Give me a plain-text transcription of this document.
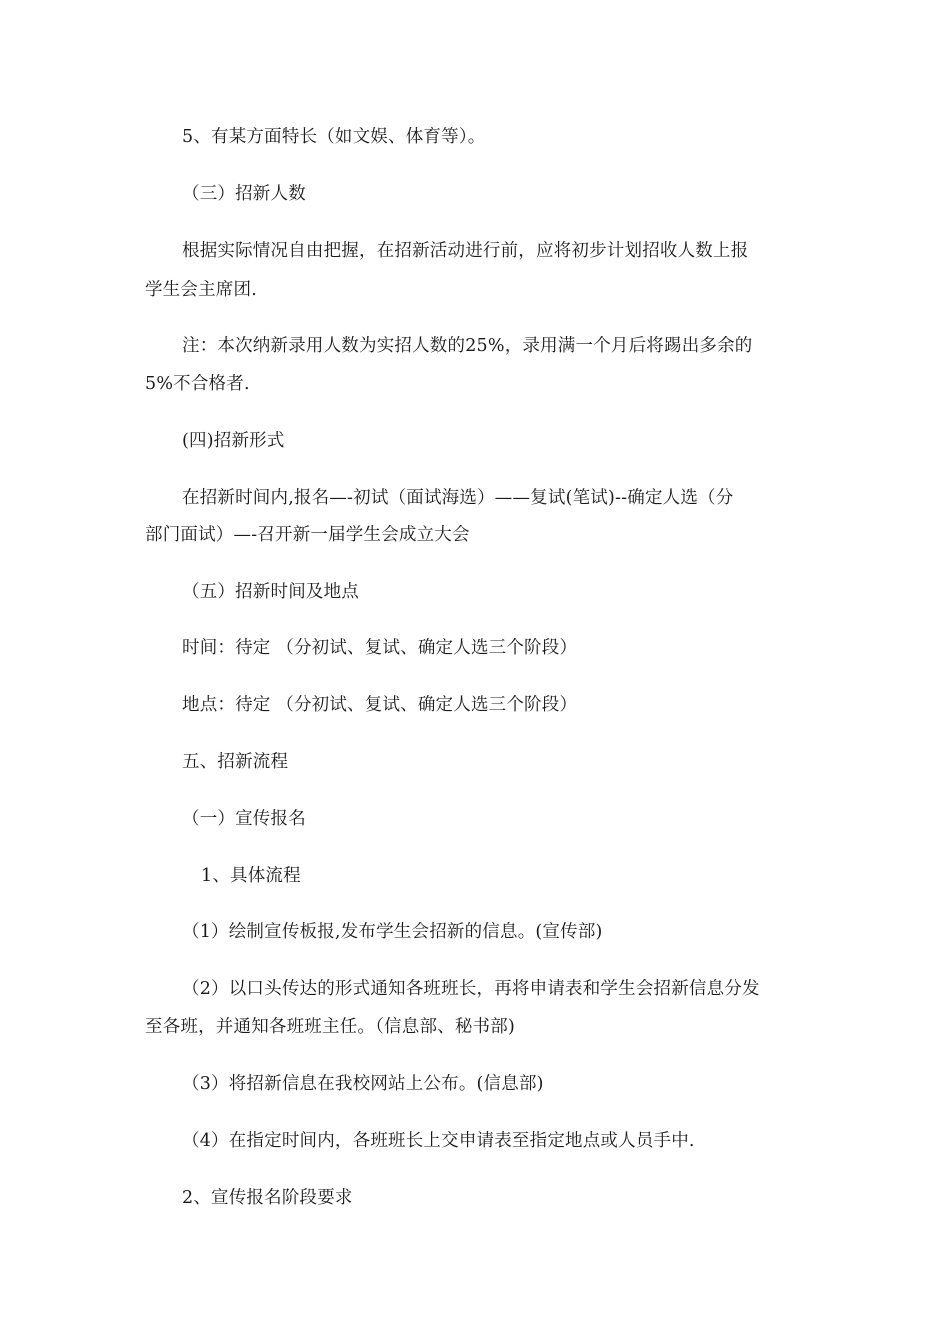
5、有某方面特长（如文娱、体育等）。
（三）招新人数
根据实际情况自由把握，在招新活动进行前，应将初步计划招收人数上报
学生会主席团.
注：本次纳新录用人数为实招人数的25%，录用满一个月后将踢出多余的
5%不合格者.
(四)招新形式
在招新时间内,报名—-初试（面试海选）——复试(笔试)--确定人选（分
部门面试）—-召开新一届学生会成立大会
（五）招新时间及地点
时间：待定 （分初试、复试、确定人选三个阶段）
地点：待定 （分初试、复试、确定人选三个阶段）
五、招新流程
（一）宣传报名
1、具体流程
（1）绘制宣传板报,发布学生会招新的信息。(宣传部)
（2）以口头传达的形式通知各班班长，再将申请表和学生会招新信息分发
至各班，并通知各班班主任。（信息部、秘书部)
（3）将招新信息在我校网站上公布。(信息部)
（4）在指定时间内，各班班长上交申请表至指定地点或人员手中.
2、宣传报名阶段要求
